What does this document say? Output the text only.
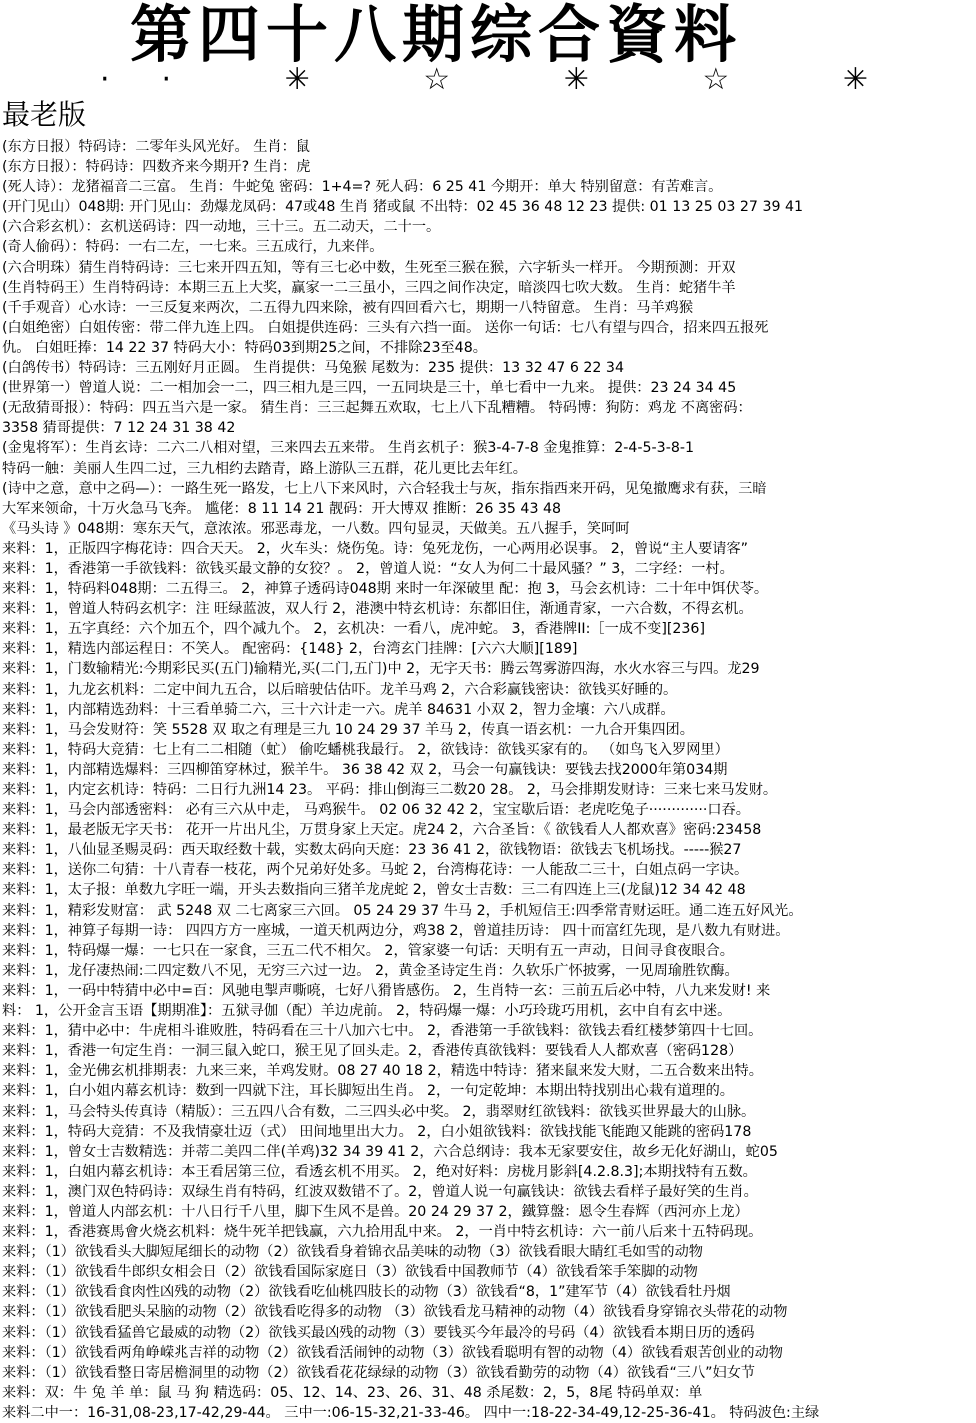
第四十八期综合資料
·· ✳ ☆ ✳ ☆ ✳
最老版
(东方日报）特码诗：二零年头风光好。 生肖：鼠
(东方日报）：特码诗：四数齐来今期开? 生肖：虎
(死人诗）：龙猪福音二三富。 生肖：牛蛇兔 密码：1+4=? 死人码：6 25 41 今期开：单大 特别留意：有苦难言。
(开门见山）048期: 开门见山：劲爆龙凤码：47或48 生肖 猪或鼠 不出特：02 45 36 48 12 23 提供: 01 13 25 03 27 39 41
(六合彩玄机）：玄机送码诗：四一动地，三十三。五二动天，二十一。
(奇人偷码）：特码：一右二左，一七来。三五成行，九来伴。
(六合明珠）猜生肖特码诗：三七来开四五知，等有三七必中数，生死至三猴在猴，六字斩头一样开。 今期预测：开双
(生肖特码王）生肖特码诗：本期三五上大奖，赢家一二三虽小，三四之间作决定，暗淡四七吹大数。 生肖：蛇猪牛羊
(千手观音）心水诗：一三反复来两次，二五得九四来除，被有四回看六七，期期一八特留意。 生肖：马羊鸡猴
(白姐绝密）白姐传密：带二伴九连上四。 白姐提供连码：三头有六挡一面。 送你一句话：七八有望与四合，招来四五报死
仇。 白姐旺捧：14 22 37 特码大小：特码03到期25之间，不排除23至48。
(白鸽传书）特码诗：三五刚好月正圆。 生肖提供：马兔猴 尾数为：235 提供：13 32 47 6 22 34
(世界第一）曾道人说：二一相加会一二，四三相九是三四，一五同块是三十，单七看中一九来。 提供：23 24 34 45
(无敌猜哥报）：特码：四五当六是一家。 猜生肖：三三起舞五欢取，七上八下乱糟糟。 特码博：狗防：鸡龙 不离密码：
3358 猜哥提供：7 12 24 31 38 42
(金鬼将军）：生肖玄诗：二六二八相对望，三来四去五来带。 生肖玄机子：猴3-4-7-8 金鬼推算：2-4-5-3-8-1
特码一触：美丽人生四二过，三九相约去踏青，路上游队三五群，花儿更比去年红。
(诗中之意，意中之码—）：一路生死一路发，七上八下来风时，六合轻我士与灰，指东指西来开码，见兔撤鹰求有获，三暗
大军来领命，十万火急马飞奔。 尴佬：8 11 14 21 靓码：开大博双 推断：26 35 43 48
《马头诗 》048期：寒东天气，意浓浓。邪恶毒龙，一八数。四句显灵，天做美。五八握手，笑呵呵
来料：1，正版四字梅花诗：四合天天。 2，火车头：烧伤兔。诗：兔死龙伤，一心两用必误事。 2，曾说“主人要请客”
来料：1，香港第一手欲钱料：欲钱买最文静的女狡？。 2，曾道人说：“女人为何二十最风骚？” 3，二字经：一村。
来料：1，特码料048期：二五得三。 2，神算子透码诗048期 来时一年深破里 配：抱 3，马会玄机诗：二十年中饵伏苓。
来料：1，曾道人特码玄机字：注 旺绿蓝波，双人行 2，港澳中特玄机诗：东都旧住，渐通青家，一六合数，不得玄机。
来料：1，五字真经：六个加五个，四个减九个。 2，玄机决：一看八，虎冲蛇。 3，香港牌II:［一成不变][236]
来料：1，精选内部运程日：不笑人。 配密码：{148} 2，台湾玄门挂牌：[六六大顺][189]
来料：1，门数输精光:今期彩民买(五门)输精光,买(二门,五门)中 2，无字天书：腾云驾雾游四海，水火水容三与四。龙29
来料：1，九龙玄机料：二定中间九五合，以后暗驶估估吓。龙羊马鸡 2，六合彩赢钱密诀：欲钱买好睡的。
来料：1，内部精选劲料：十三看单骑二六，三十六计走一六。虎羊 84631 小双 2，智力金壤：六八成群。
来料：1，马会发财符：笑 5528 双 取之有理是三九 10 24 29 37 羊马 2，传真一语玄机：一九合开集四团。
来料：1，特码大竞猜：七上有二二相随（虻） 偷吃蟠桃我最行。 2，欲钱诗：欲钱买家有的。 （如鸟飞入罗网里）
来料：1，内部精选爆料：三四柳笛穿林过，猴羊牛。 36 38 42 双 2，马会一句赢钱诀：要钱去找2000年第034期
来料：1，内定玄机诗：特码：二日行九洲14 23。 平码：排山倒海三二数20 28。 2，马会排期发财诗：三来七来马发财。
来料：1，马会内部透密料： 必有三六从中走， 马鸡猴牛。 02 06 32 42 2，宝宝歇后语：老虎吃兔子·············口吞。
来料：1，最老版无字天书： 花开一片出凡尘，万贯身家上天定。虎24 2，六合圣旨：《 欲钱看人人都欢喜》密码:23458
来料：1，八仙显圣赐灵码：西天取经数十载，实数太码向天庭：23 36 41 2，欲钱物语：欲钱去飞机场找。-----猴27
来料：1，送你二句猜：十八青春一枝花，两个兄弟好处多。马蛇 2，台湾梅花诗：一人能敌二三十，白姐点码一字诀。
来料：1，太子报：单数九字旺一端，开头去数指向三猪羊龙虎蛇 2，曾女士吉数：三二有四连上三(龙鼠)12 34 42 48
来料：1，精彩发财富： 武 5248 双 二七离家三六回。 05 24 29 37 牛马 2，手机短信王:四季常青财运旺。通二连五好风光。
来料：1，神算子每期一诗： 四四方方一座城，一道天机两边分，鸡38 2，曾道挂历诗： 四十而富红先现，是八数九有财进。
来料：1，特码爆一爆：一七只在一家食，三五二代不相欠。 2，管家婆一句话：天明有五一声动，日间寻食夜眼合。
来料：1，龙仔凄热闹:二四定数八不见，无穷三六过一边。 2，黄金圣诗定生肖：久软乐广怀披雾，一见周瑜胜钦酶。
来料：1，一码中特猜中必中=百：风驰电掣声嘶喨，七好八猾皆感伤。 2，生肖特一玄：三前五后必中特，八九来发财! 来
料： 1，公开金言玉语【期期准】：五狱寻伽（配）羊边虎前。 2，特码爆一爆：小巧玲珑巧用机，玄中自有玄中迷。
来料：1，猜中必中：牛虎相斗谁败胜，特码看在三十八加六七中。 2，香港第一手欲钱料：欲钱去看红楼梦第四十七回。
来料：1，香港一句定生肖：一洞三鼠入蛇口，猴王见了回头走。2，香港传真欲钱料：要钱看人人都欢喜（密码128）
来料：1，金光佛玄机排期表：九来三来，羊鸡发财。08 27 40 18 2，精选中特诗：猪来鼠来发大财，二五合数来出特。
来料：1，白小姐内幕玄机诗：数到一四就下注，耳长脚短出生肖。 2，一句定乾坤：本期出特找别出心栽有道理的。
来料：1，马会特头传真诗（精版）：三五四八合有数，二三四头必中奖。 2，翡翠财红欲钱料：欲钱买世界最大的山脉。
来料：1，特码大竞猜：不及我情豪壮迈（式） 田间地里出大力。 2，白小姐欲钱料：欲钱找能飞能跑又能跳的密码178
来料：1，曾女士吉数精选：并蒂二美四二伴(羊鸡)32 34 39 41 2，六合总纲诗：我本无家要安住，故乡无化好湖山，蛇05
来料：1，白姐内幕玄机诗：本王看居第三位，看透玄机不用买。 2，绝对好料：房栊月影斜[4.2.8.3];本期找特有五数。
来料：1，澳门双色特码诗：双绿生肖有特码，红波双数错不了。2，曾道人说一句赢钱诀：欲钱去看样子最好笑的生肖。
来料：1，曾道人内部玄机：十八日行千八里，脚下生风不是兽。20 24 29 37 2，鐵算盤：恩令生春辉（西河亦上龙）
来料：1，香港赛馬會火烧玄机料：烧牛死羊把钱赢，六九拾用乱中来。 2，一肖中特玄机诗：六一前八后来十五特码现。
来料；（1）欲钱看头大脚短尾细长的动物（2）欲钱看身着锦衣品美味的动物（3）欲钱看眼大睛红毛如雪的动物
来料：（1）欲钱看牛郎织女相会日（2）欲钱看国际家庭日（3）欲钱看中国教师节（4）欲钱看笨手笨脚的动物
来料：（1）欲钱看食肉性凶残的动物（2）欲钱看吃仙桃四肢长的动物（3）欲钱看“8，1”建军节（4）欲钱看牡丹烟
来料：（1）欲钱看肥头呆脑的动物（2）欲钱看吃得多的动物 （3）欲钱看龙马精神的动物（4）欲钱看身穿锦衣头带花的动物
来料：（1）欲钱看猛兽它最威的动物（2）欲钱买最凶残的动物（3）要钱买今年最冷的号码（4）欲钱看本期日历的透码
来料：（1）欲钱看两角峥嵘兆吉祥的动物（2）欲钱看活闹钟的动物（3）欲钱看聪明有智的动物（4）欲钱看艰苦创业的动物
来料：（1）欲钱看整日寄居檐洞里的动物（2）欲钱看花花绿绿的动物（3）欲钱看勤劳的动物（4）欲钱看“三八”妇女节
来料：双：牛 兔 羊 单：鼠 马 狗 精选码：05、12、14、23、26、31、48 杀尾数：2，5，8尾 特码单双：单
来料二中一：16-31,08-23,17-42,29-44。 三中一:06-15-32,21-33-46。 四中一:18-22-34-49,12-25-36-41。 特码波色:主绿
